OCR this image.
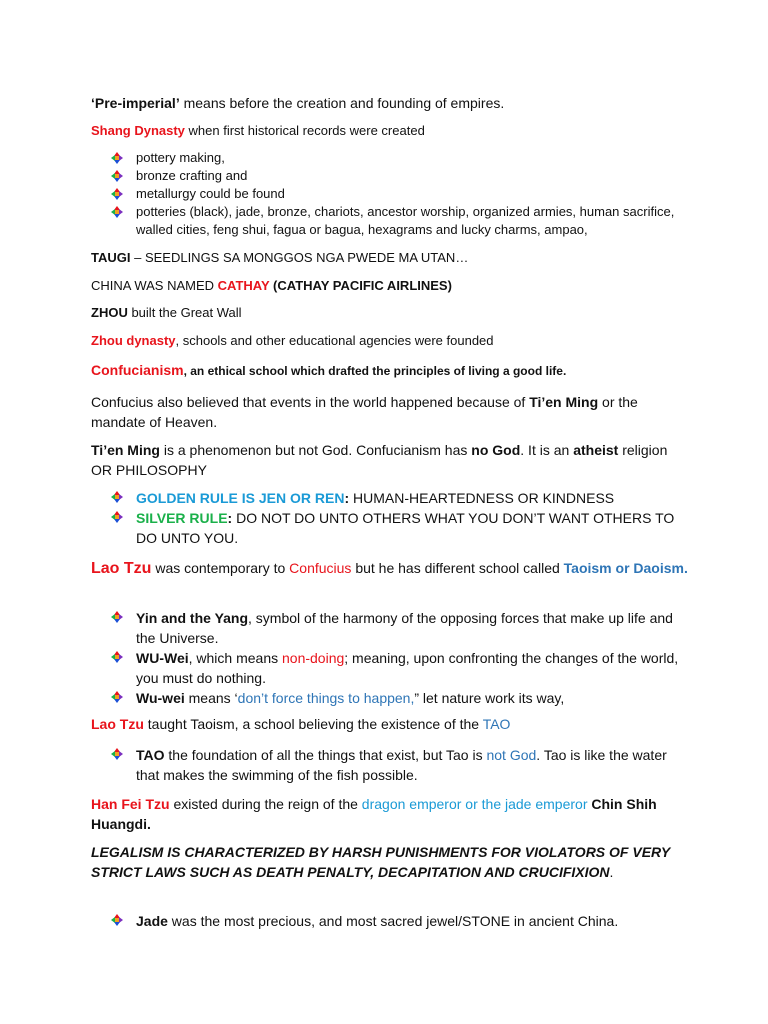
‘Pre-imperial’ means before the creation and founding of empires.

Shang Dynasty when first historical records were created

pottery making,
bronze crafting and
metallurgy could be found
potteries (black), jade, bronze, chariots, ancestor worship, organized armies, human sacrifice, walled cities, feng shui, fagua or bagua, hexagrams and lucky charms, ampao,

TAUGI – SEEDLINGS SA MONGGOS NGA PWEDE MA UTAN…

CHINA WAS NAMED CATHAY (CATHAY PACIFIC AIRLINES)

ZHOU built the Great Wall

Zhou dynasty, schools and other educational agencies were founded

Confucianism, an ethical school which drafted the principles of living a good life.

Confucius also believed that events in the world happened because of Ti’en Ming or the mandate of Heaven.

Ti’en Ming is a phenomenon but not God. Confucianism has no God. It is an atheist religion OR PHILOSOPHY

GOLDEN RULE IS JEN OR REN: HUMAN-HEARTEDNESS OR KINDNESS
SILVER RULE: DO NOT DO UNTO OTHERS WHAT YOU DON’T WANT OTHERS TO DO UNTO YOU.

Lao Tzu was contemporary to Confucius but he has different school called Taoism or Daoism.

Yin and the Yang, symbol of the harmony of the opposing forces that make up life and the Universe.
WU-Wei, which means non-doing; meaning, upon confronting the changes of the world, you must do nothing.
Wu-wei means ‘don’t force things to happen,” let nature work its way,

Lao Tzu taught Taoism, a school believing the existence of the TAO

TAO the foundation of all the things that exist, but Tao is not God. Tao is like the water that makes the swimming of the fish possible.

Han Fei Tzu existed during the reign of the dragon emperor or the jade emperor Chin Shih Huangdi.

LEGALISM IS CHARACTERIZED BY HARSH PUNISHMENTS FOR VIOLATORS OF VERY STRICT LAWS SUCH AS DEATH PENALTY, DECAPITATION AND CRUCIFIXION.

Jade was the most precious, and most sacred jewel/STONE in ancient China.
